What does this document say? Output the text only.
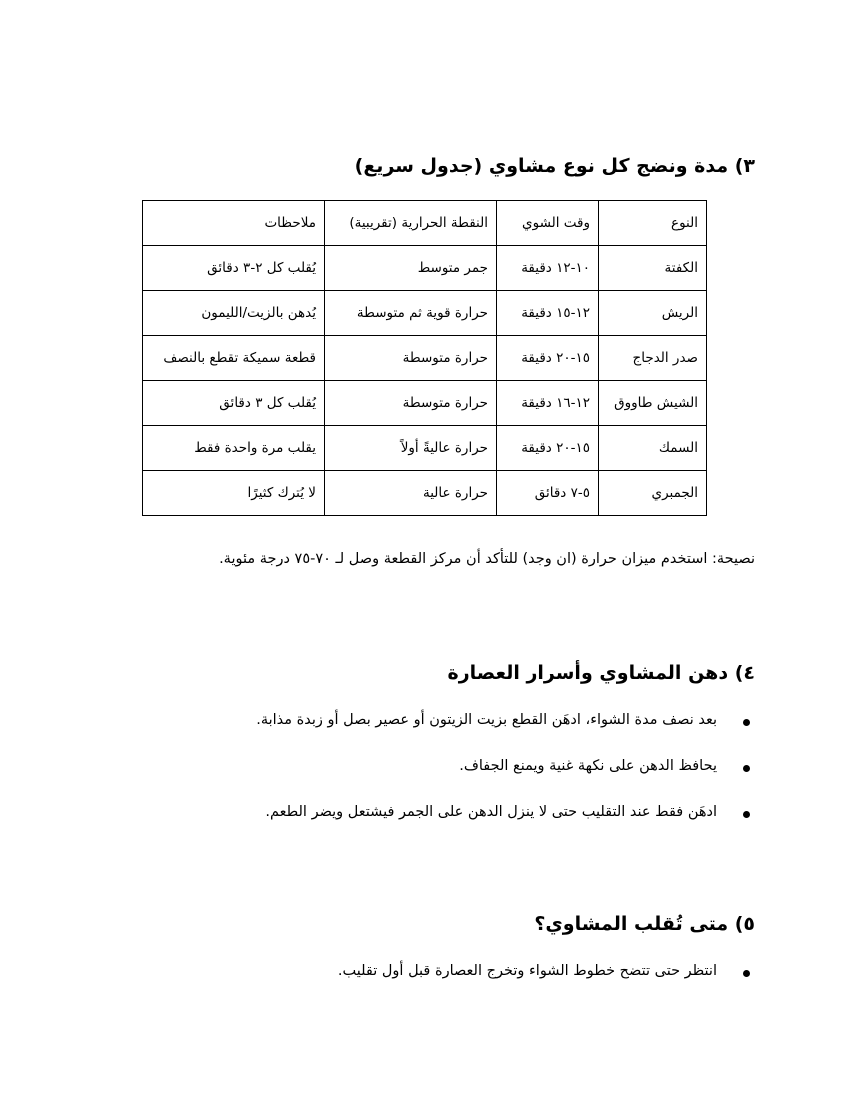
٣) مدة ونضج كل نوع مشاوي (جدول سريع)
النوع	وقت الشوي	النقطة الحرارية (تقريبية)	ملاحظات
الكفتة	١٠-١٢ دقيقة	جمر متوسط	يُقلب كل ٢-٣ دقائق
الريش	١٢-١٥ دقيقة	حرارة قوية ثم متوسطة	يُدهن بالزيت/الليمون
صدر الدجاج	١٥-٢٠ دقيقة	حرارة متوسطة	قطعة سميكة تقطع بالنصف
الشيش طاووق	١٢-١٦ دقيقة	حرارة متوسطة	يُقلب كل ٣ دقائق
السمك	١٥-٢٠ دقيقة	حرارة عاليةً أولاً	يقلب مرة واحدة فقط
الجمبري	٥-٧ دقائق	حرارة عالية	لا يُترك كثيرًا

نصيحة: استخدم ميزان حرارة (ان وجد) للتأكد أن مركز القطعة وصل لـ ٧٠-٧٥ درجة مئوية.

٤) دهن المشاوي وأسرار العصارة
بعد نصف مدة الشواء، ادهَن القطع بزيت الزيتون أو عصير بصل أو زبدة مذابة.
يحافظ الدهن على نكهة غنية ويمنع الجفاف.
ادهَن فقط عند التقليب حتى لا ينزل الدهن على الجمر فيشتعل ويضر الطعم.
٥) متى تُقلب المشاوي؟
انتظر حتى تتضح خطوط الشواء وتخرج العصارة قبل أول تقليب.
